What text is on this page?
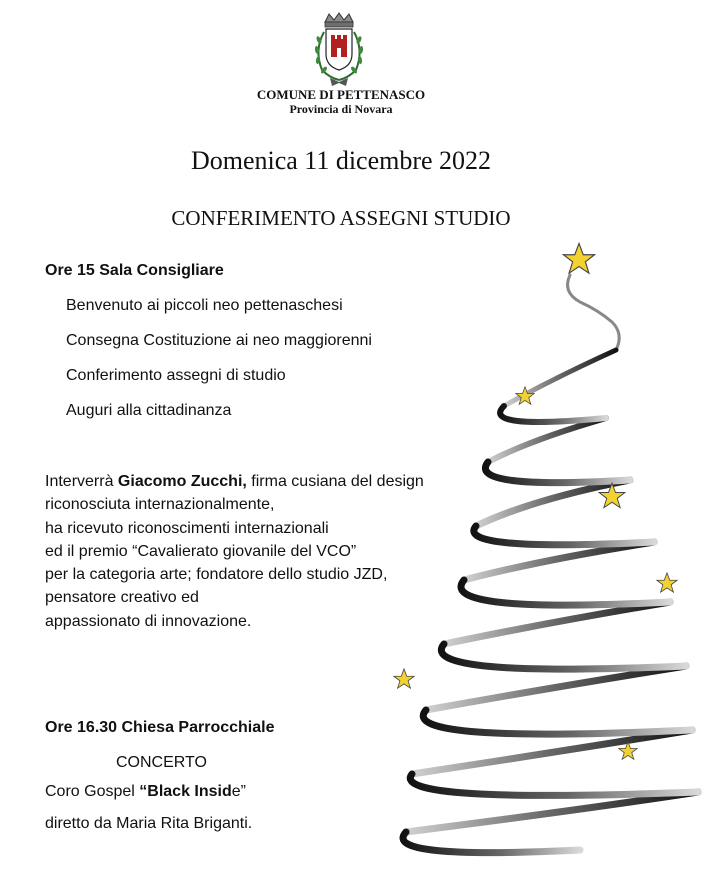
COMUNE DI PETTENASCO
Provincia di Novara
Domenica 11 dicembre 2022
CONFERIMENTO ASSEGNI STUDIO
Ore 15 Sala Consigliare
Benvenuto ai piccoli neo pettenaschesi
Consegna Costituzione ai neo maggiorenni
Conferimento assegni di studio
Auguri alla cittadinanza
Interverrà Giacomo Zucchi, firma cusiana del design
riconosciuta internazionalmente,
ha ricevuto riconoscimenti internazionali
ed il premio “Cavalierato giovanile del VCO”
per la categoria arte; fondatore dello studio JZD,
pensatore creativo ed
appassionato di innovazione.
Ore 16.30 Chiesa Parrocchiale
CONCERTO
Coro Gospel “Black Inside”
diretto da Maria Rita Briganti.
